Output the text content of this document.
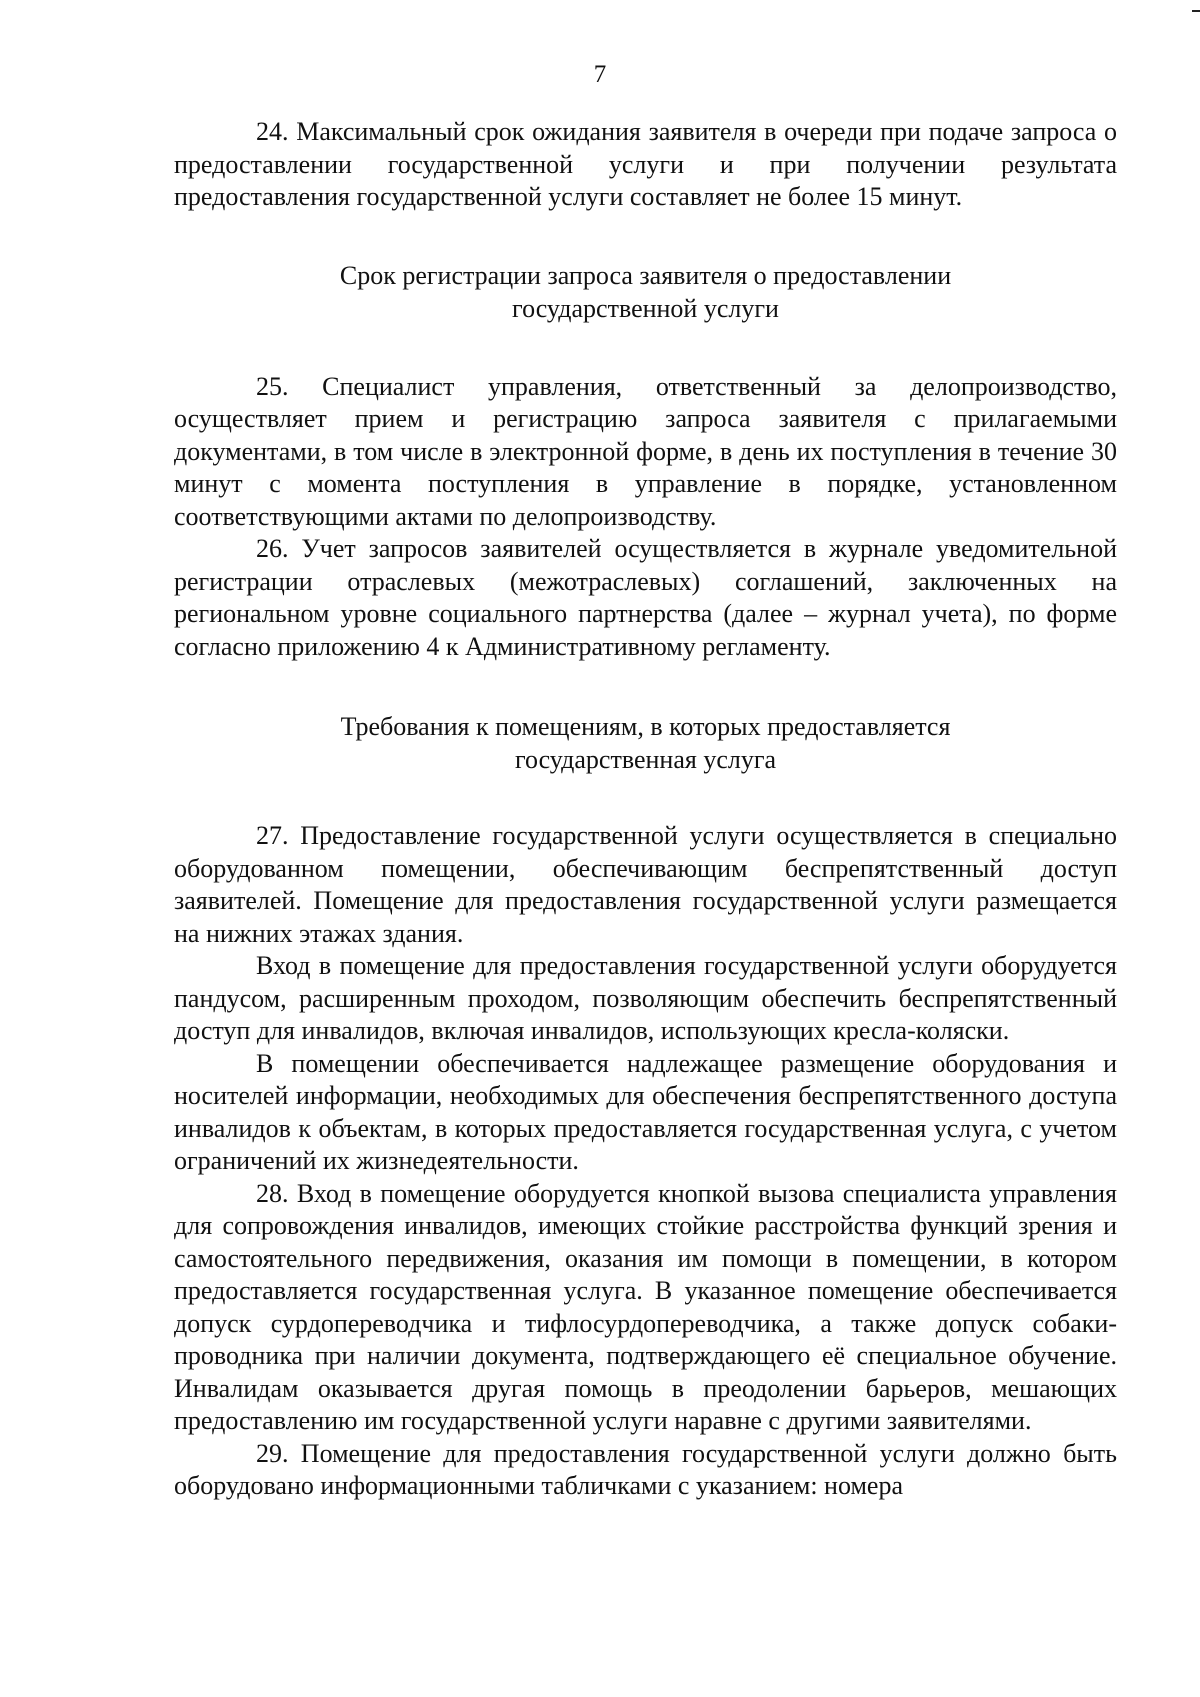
7

24. Максимальный срок ожидания заявителя в очереди при подаче запроса о предоставлении государственной услуги и при получении результата предоставления государственной услуги составляет не более 15 минут.

Срок регистрации запроса заявителя о предоставлении
государственной услуги

25. Специалист управления, ответственный за делопроизводство, осуществляет прием и регистрацию запроса заявителя с прилагаемыми документами, в том числе в электронной форме, в день их поступления в течение 30 минут с момента поступления в управление в порядке, установленном соответствующими актами по делопроизводству.

26. Учет запросов заявителей осуществляется в журнале уведомительной регистрации отраслевых (межотраслевых) соглашений, заключенных на региональном уровне социального партнерства (далее – журнал учета), по форме согласно приложению 4 к Административному регламенту.

Требования к помещениям, в которых предоставляется
государственная услуга

27. Предоставление государственной услуги осуществляется в специально оборудованном помещении, обеспечивающим беспрепятственный доступ заявителей. Помещение для предоставления государственной услуги размещается на нижних этажах здания.

Вход в помещение для предоставления государственной услуги оборудуется пандусом, расширенным проходом, позволяющим обеспечить беспрепятственный доступ для инвалидов, включая инвалидов, использующих кресла-коляски.

В помещении обеспечивается надлежащее размещение оборудования и носителей информации, необходимых для обеспечения беспрепятственного доступа инвалидов к объектам, в которых предоставляется государственная услуга, с учетом ограничений их жизнедеятельности.

28. Вход в помещение оборудуется кнопкой вызова специалиста управления для сопровождения инвалидов, имеющих стойкие расстройства функций зрения и самостоятельного передвижения, оказания им помощи в помещении, в котором предоставляется государственная услуга. В указанное помещение обеспечивается допуск сурдопереводчика и тифлосурдопереводчика, а также допуск собаки-проводника при наличии документа, подтверждающего её специальное обучение. Инвалидам оказывается другая помощь в преодолении барьеров, мешающих предоставлению им государственной услуги наравне с другими заявителями.

29. Помещение для предоставления государственной услуги должно быть оборудовано информационными табличками с указанием: номера
